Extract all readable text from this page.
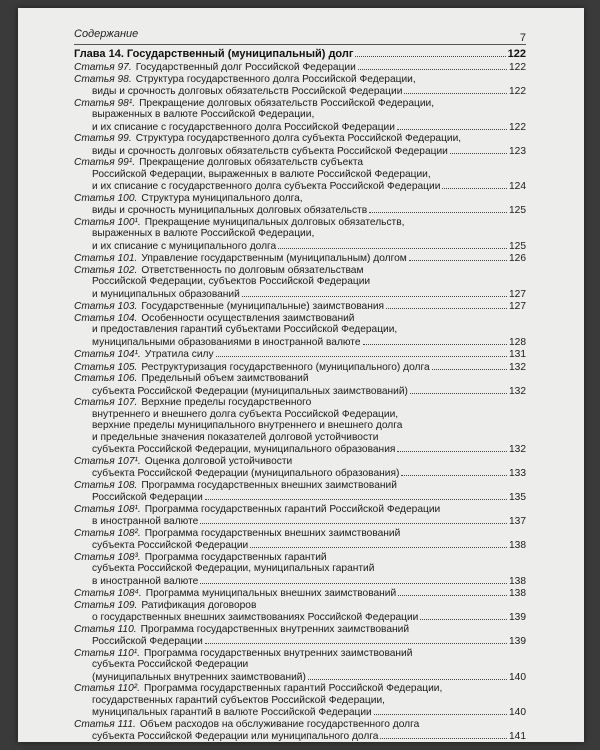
Содержание	7
Глава 14. Государственный (муниципальный) долг	122
Статья 97. Государственный долг Российской Федерации	122
Статья 98. Структура государственного долга Российской Федерации,
виды и срочность долговых обязательств Российской Федерации	122
Статья 98¹. Прекращение долговых обязательств Российской Федерации,
выраженных в валюте Российской Федерации,
и их списание с государственного долга Российской Федерации	122
Статья 99. Структура государственного долга субъекта Российской Федерации,
виды и срочность долговых обязательств субъекта Российской Федерации	123
Статья 99¹. Прекращение долговых обязательств субъекта
Российской Федерации, выраженных в валюте Российской Федерации,
и их списание с государственного долга субъекта Российской Федерации	124
Статья 100. Структура муниципального долга,
виды и срочность муниципальных долговых обязательств	125
Статья 100¹. Прекращение муниципальных долговых обязательств,
выраженных в валюте Российской Федерации,
и их списание с муниципального долга	125
Статья 101. Управление государственным (муниципальным) долгом	126
Статья 102. Ответственность по долговым обязательствам
Российской Федерации, субъектов Российской Федерации
и муниципальных образований	127
Статья 103. Государственные (муниципальные) заимствования	127
Статья 104. Особенности осуществления заимствований
и предоставления гарантий субъектами Российской Федерации,
муниципальными образованиями в иностранной валюте	128
Статья 104¹. Утратила силу	131
Статья 105. Реструктуризация государственного (муниципального) долга	132
Статья 106. Предельный объем заимствований
субъекта Российской Федерации (муниципальных заимствований)	132
Статья 107. Верхние пределы государственного
внутреннего и внешнего долга субъекта Российской Федерации,
верхние пределы муниципального внутреннего и внешнего долга
и предельные значения показателей долговой устойчивости
субъекта Российской Федерации, муниципального образования	132
Статья 107¹. Оценка долговой устойчивости
субъекта Российской Федерации (муниципального образования)	133
Статья 108. Программа государственных внешних заимствований
Российской Федерации	135
Статья 108¹. Программа государственных гарантий Российской Федерации
в иностранной валюте	137
Статья 108². Программа государственных внешних заимствований
субъекта Российской Федерации	138
Статья 108³. Программа государственных гарантий
субъекта Российской Федерации, муниципальных гарантий
в иностранной валюте	138
Статья 108⁴. Программа муниципальных внешних заимствований	138
Статья 109. Ратификация договоров
о государственных внешних заимствованиях Российской Федерации	139
Статья 110. Программа государственных внутренних заимствований
Российской Федерации	139
Статья 110¹. Программа государственных внутренних заимствований
субъекта Российской Федерации
(муниципальных внутренних заимствований)	140
Статья 110². Программа государственных гарантий Российской Федерации,
государственных гарантий субъектов Российской Федерации,
муниципальных гарантий в валюте Российской Федерации	140
Статья 111. Объем расходов на обслуживание государственного долга
субъекта Российской Федерации или муниципального долга	141
